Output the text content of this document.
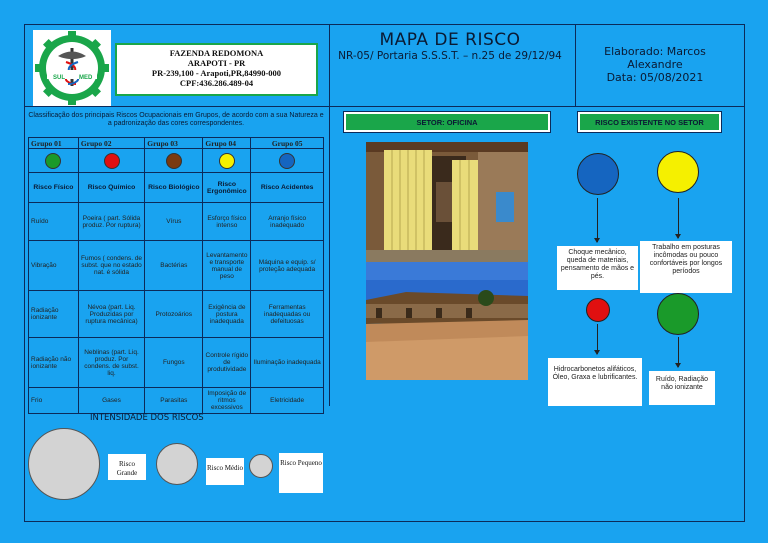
SUL MED
FAZENDA REDOMONA
ARAPOTI - PR
PR-239,100 - Arapoti,PR,84990-000
CPF:436.286.489-04
MAPA DE RISCO
NR-05/ Portaria S.S.S.T. – n.25 de 29/12/94	Elaborado: Marcos Alexandre
Data: 05/08/2021
Classificação dos principais Riscos Ocupacionais em Grupos, de acordo com a sua Natureza e a padronização das cores correspondentes.
Grupo 01	Grupo 02	Grupo 03	Grupo 04	Grupo 05

Risco Físico	Risco Químico	Risco Biológico	Risco Ergonômico	Risco Acidentes
Ruído	Poeira ( part. Sólida produz. Por ruptura)	Vírus	Esforço físico intenso	Arranjo físico inadequado
Vibração	Fumos ( condens. de subst. que no estado nat. é sólida	Bactérias	Levantamento e transporte manual de peso	Máquina e equip. s/ proteção adequada
Radiação ionizante	Névoa (part. Liq. Produzidas por ruptura mecânica)	Protozoários	Exigência de postura inadequada	Ferramentas inadequadas ou defeituosas
Radiação não ionizante	Neblinas (part. Liq. produz. Por condens. de subst. liq.	Fungos	Controle rígido de produtividade	Iluminação inadequada
Frio	Gases	Parasitas	Imposição de ritmos excessivos	Eletricidade
INTENSIDADE DOS RISCOS
Risco Grande
Risco Médio
Risco Pequeno
SETOR: OFICINA	RISCO EXISTENTE NO SETOR
Choque mecânico, queda de materiais, pensamento de mãos e pés.
Trabalho em posturas incômodas ou pouco confortáveis por longos períodos
Hidrocarbonetos alifáticos, Óleo, Graxa e lubrificantes.	Ruído, Radiação não ionizante
